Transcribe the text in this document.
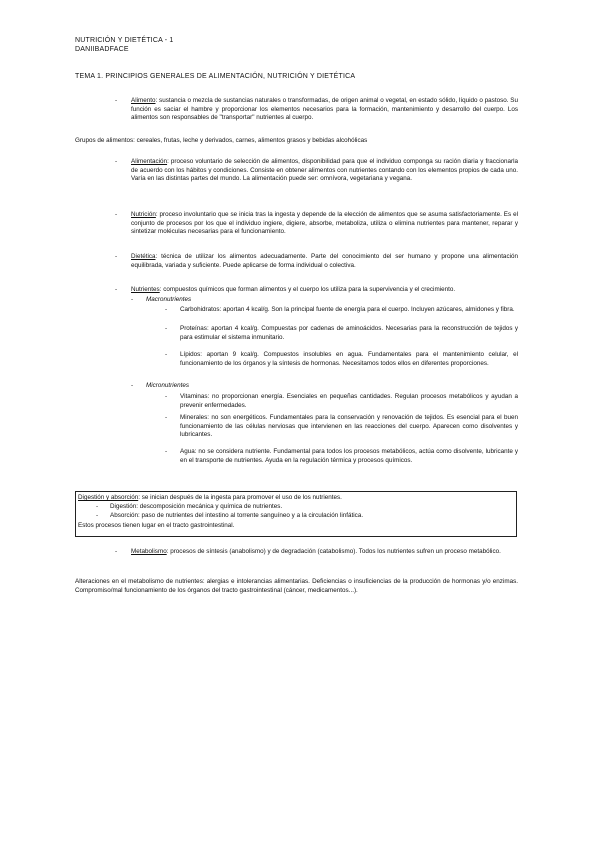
NUTRICIÓN Y DIETÉTICA - 1
DANIIBADFACE
TEMA 1. PRINCIPIOS GENERALES DE ALIMENTACIÓN, NUTRICIÓN Y DIETÉTICA
- Alimento: sustancia o mezcla de sustancias naturales o transformadas, de origen animal o vegetal, en estado sólido, líquido o pastoso. Su función es saciar el hambre y proporcionar los elementos necesarios para la formación, mantenimiento y desarrollo del cuerpo. Los alimentos son responsables de "transportar" nutrientes al cuerpo.
Grupos de alimentos: cereales, frutas, leche y derivados, carnes, alimentos grasos y bebidas alcohólicas
- Alimentación: proceso voluntario de selección de alimentos, disponibilidad para que el individuo componga su ración diaria y fraccionarla de acuerdo con los hábitos y condiciones. Consiste en obtener alimentos con nutrientes contando con los elementos propios de cada uno. Varía en las distintas partes del mundo. La alimentación puede ser: omnívora, vegetariana y vegana.
- Nutrición: proceso involuntario que se inicia tras la ingesta y depende de la elección de alimentos que se asuma satisfactoriamente. Es el conjunto de procesos por los que el individuo ingiere, digiere, absorbe, metaboliza, utiliza o elimina nutrientes para mantener, reparar y sintetizar moléculas necesarias para el funcionamiento.
- Dietética: técnica de utilizar los alimentos adecuadamente. Parte del conocimiento del ser humano y propone una alimentación equilibrada, variada y suficiente. Puede aplicarse de forma individual o colectiva.
- Nutrientes: compuestos químicos que forman alimentos y el cuerpo los utiliza para la supervivencia y el crecimiento.
- Macronutrientes
- Carbohidratos: aportan 4 kcal/g. Son la principal fuente de energía para el cuerpo. Incluyen azúcares, almidones y fibra.
- Proteínas: aportan 4 kcal/g. Compuestas por cadenas de aminoácidos. Necesarias para la reconstrucción de tejidos y para estimular el sistema inmunitario.
- Lípidos: aportan 9 kcal/g. Compuestos insolubles en agua. Fundamentales para el mantenimiento celular, el funcionamiento de los órganos y la síntesis de hormonas. Necesitamos todos ellos en diferentes proporciones.
- Micronutrientes
- Vitaminas: no proporcionan energía. Esenciales en pequeñas cantidades. Regulan procesos metabólicos y ayudan a prevenir enfermedades.
- Minerales: no son energéticos. Fundamentales para la conservación y renovación de tejidos. Es esencial para el buen funcionamiento de las células nerviosas que intervienen en las reacciones del cuerpo. Aparecen como disolventes y lubricantes.
- Agua: no se considera nutriente. Fundamental para todos los procesos metabólicos, actúa como disolvente, lubricante y en el transporte de nutrientes. Ayuda en la regulación térmica y procesos químicos.
Digestión y absorción: se inician después de la ingesta para promover el uso de los nutrientes.
- Digestión: descomposición mecánica y química de nutrientes.
- Absorción: paso de nutrientes del intestino al torrente sanguíneo y a la circulación linfática.
Estos procesos tienen lugar en el tracto gastrointestinal.
- Metabolismo: procesos de síntesis (anabolismo) y de degradación (catabolismo). Todos los nutrientes sufren un proceso metabólico.
Alteraciones en el metabolismo de nutrientes: alergias e intolerancias alimentarias. Deficiencias o insuficiencias de la producción de hormonas y/o enzimas. Compromiso/mal funcionamiento de los órganos del tracto gastrointestinal (cáncer, medicamentos...).
